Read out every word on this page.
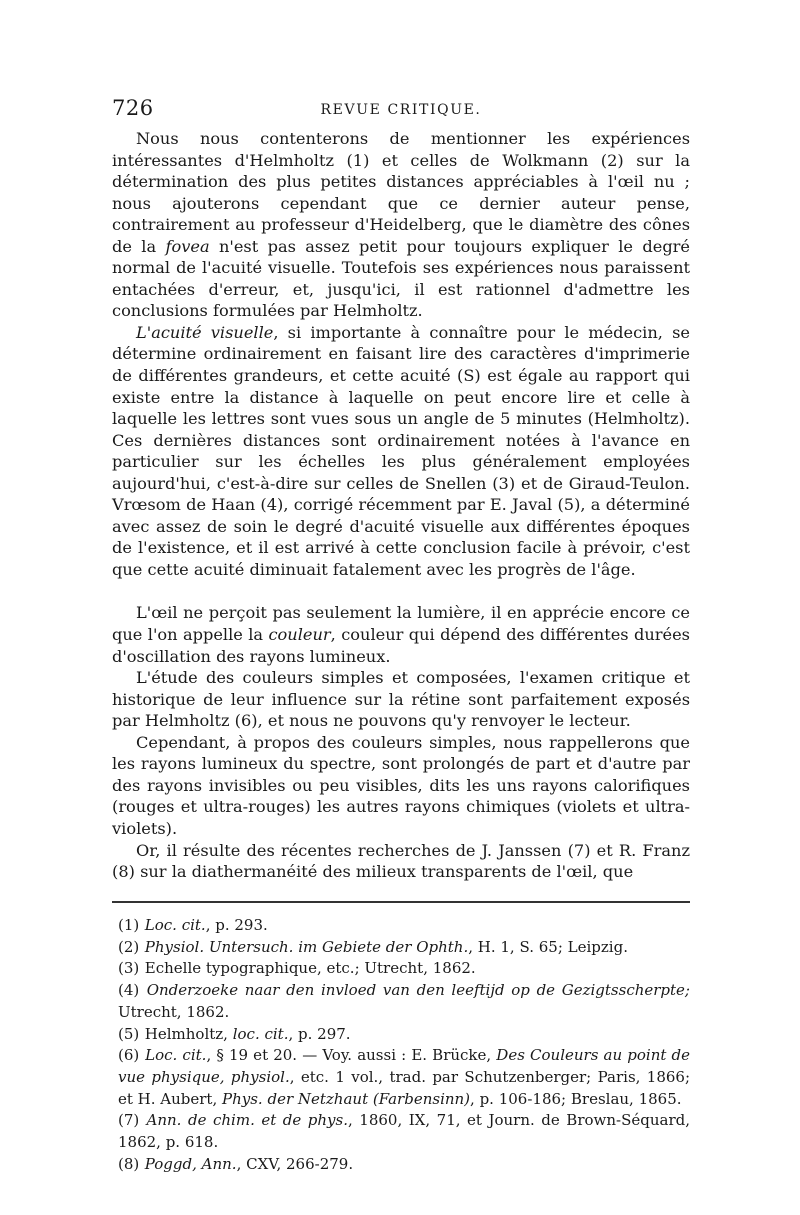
726	REVUE CRITIQUE.

Nous nous contenterons de mentionner les expériences intéressantes d'Helmholtz (1) et celles de Wolkmann (2) sur la détermination des plus petites distances appréciables à l'œil nu ; nous ajouterons cependant que ce dernier auteur pense, contrairement au professeur d'Heidelberg, que le diamètre des cônes de la fovea n'est pas assez petit pour toujours expliquer le degré normal de l'acuité visuelle. Toutefois ses expériences nous paraissent entachées d'erreur, et, jusqu'ici, il est rationnel d'admettre les conclusions formulées par Helmholtz.

L'acuité visuelle, si importante à connaître pour le médecin, se détermine ordinairement en faisant lire des caractères d'imprimerie de différentes grandeurs, et cette acuité (S) est égale au rapport qui existe entre la distance à laquelle on peut encore lire et celle à laquelle les lettres sont vues sous un angle de 5 minutes (Helmholtz). Ces dernières distances sont ordinairement notées à l'avance en particulier sur les échelles les plus généralement employées aujourd'hui, c'est-à-dire sur celles de Snellen (3) et de Giraud-Teulon. Vrœsom de Haan (4), corrigé récemment par E. Javal (5), a déterminé avec assez de soin le degré d'acuité visuelle aux différentes époques de l'existence, et il est arrivé à cette conclusion facile à prévoir, c'est que cette acuité diminuait fatalement avec les progrès de l'âge.

L'œil ne perçoit pas seulement la lumière, il en apprécie encore ce que l'on appelle la couleur, couleur qui dépend des différentes durées d'oscillation des rayons lumineux.

L'étude des couleurs simples et composées, l'examen critique et historique de leur influence sur la rétine sont parfaitement exposés par Helmholtz (6), et nous ne pouvons qu'y renvoyer le lecteur.

Cependant, à propos des couleurs simples, nous rappellerons que les rayons lumineux du spectre, sont prolongés de part et d'autre par des rayons invisibles ou peu visibles, dits les uns rayons calorifiques (rouges et ultra-rouges) les autres rayons chimiques (violets et ultra-violets).

Or, il résulte des récentes recherches de J. Janssen (7) et R. Franz (8) sur la diathermanéité des milieux transparents de l'œil, que

(1) Loc. cit., p. 293.

(2) Physiol. Untersuch. im Gebiete der Ophth., H. 1, S. 65; Leipzig.

(3) Echelle typographique, etc.; Utrecht, 1862.

(4) Onderzoeke naar den invloed van den leeftijd op de Gezigtsscherpte; Utrecht, 1862.

(5) Helmholtz, loc. cit., p. 297.

(6) Loc. cit., § 19 et 20. — Voy. aussi : E. Brücke, Des Couleurs au point de vue physique, physiol., etc. 1 vol., trad. par Schutzenberger; Paris, 1866; et H. Aubert, Phys. der Netzhaut (Farbensinn), p. 106-186; Breslau, 1865.

(7) Ann. de chim. et de phys., 1860, IX, 71, et Journ. de Brown-Séquard, 1862, p. 618.

(8) Poggd, Ann., CXV, 266-279.
